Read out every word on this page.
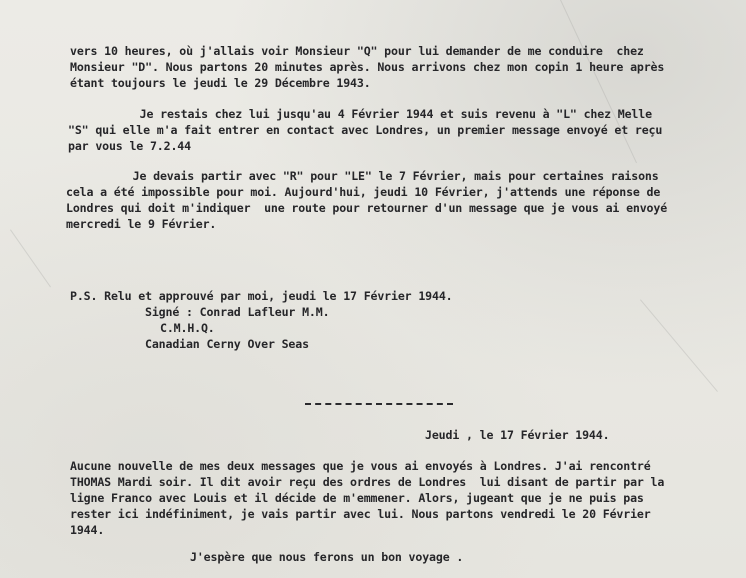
vers 10 heures, où j'allais voir Monsieur "Q" pour lui demander de me conduire  chez
Monsieur "D". Nous partons 20 minutes après. Nous arrivons chez mon copin 1 heure après
étant toujours le jeudi le 29 Décembre 1943.
Je restais chez lui jusqu'au 4 Février 1944 et suis revenu à "L" chez Melle
"S" qui elle m'a fait entrer en contact avec Londres, un premier message envoyé et reçu
par vous le 7.2.44
Je devais partir avec "R" pour "LE" le 7 Février, mais pour certaines raisons
cela a été impossible pour moi. Aujourd'hui, jeudi 10 Février, j'attends une réponse de
Londres qui doit m'indiquer  une route pour retourner d'un message que je vous ai envoyé
mercredi le 9 Février.
P.S. Relu et approuvé par moi, jeudi le 17 Février 1944.
Signé : Conrad Lafleur M.M.
C.M.H.Q.
Canadian Cerny Over Seas
Jeudi , le 17 Février 1944.
Aucune nouvelle de mes deux messages que je vous ai envoyés à Londres. J'ai rencontré
THOMAS Mardi soir. Il dit avoir reçu des ordres de Londres  lui disant de partir par la
ligne Franco avec Louis et il décide de m'emmener. Alors, jugeant que je ne puis pas
rester ici indéfiniment, je vais partir avec lui. Nous partons vendredi le 20 Février
1944.
J'espère que nous ferons un bon voyage .
